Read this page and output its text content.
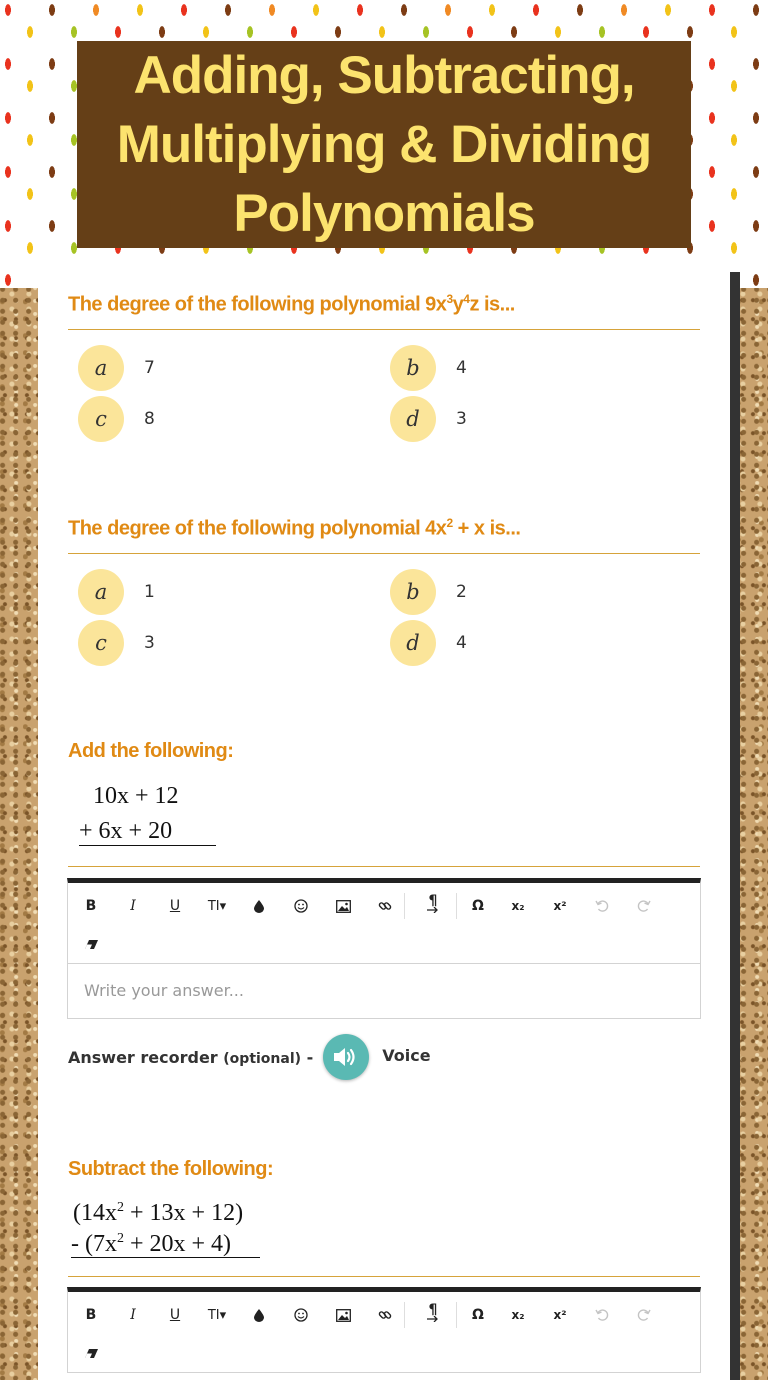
Adding, Subtracting, Multiplying & Dividing Polynomials
The degree of the following polynomial $9x^3y^4z$ is...
a	7	b	4
c	8	d	3
The degree of the following polynomial $4x^2 + x$ is...
a	1	b	2
c	3	d	4
Add the following:
10x + 12
+ 6x + 20
B	I	U	TI▾	¶	Ω	x₂	x²
Write your answer...
Answer recorder (optional) -	Voice
Subtract the following:
$(14x^2 + 13x + 12)$
- $(7x^2 + 20x + 4)$
B	I	U	TI▾	¶	Ω	x₂	x²
